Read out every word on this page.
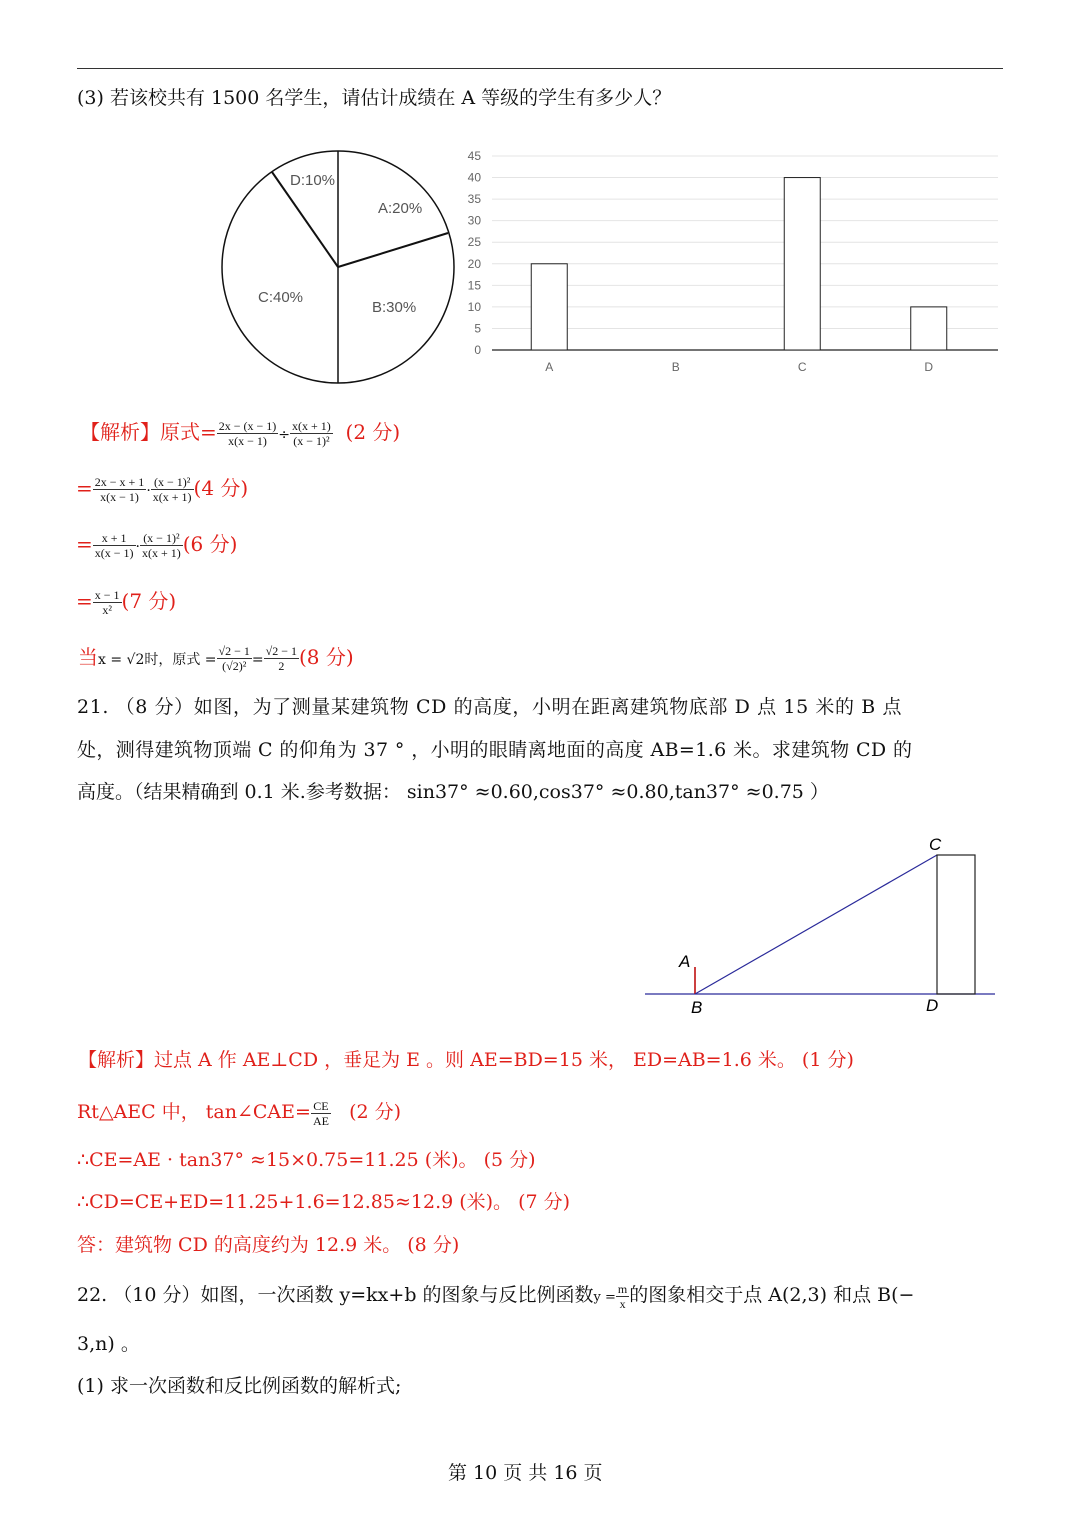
(3) 若该校共有 1500 名学生，请估计成绩在 A 等级的学生有多少人？
D:10%
A:20%
C:40%
B:30%
0
5
10
15
20
25
30
35
40
45
A	B	C	D
【解析】原式= $\frac{2x - (x - 1)}{x(x - 1)} \div \frac{x(x + 1)}{\text{(x − 1)²}} (2$ 分)
= $\frac{2x - x + 1}{x(x - 1)} \cdot \frac{\text{(x − 1)²}}{x(x + 1)} (4$ 分)
= $\frac{x + 1}{x(x - 1)} \cdot \frac{\text{(x − 1)²}}{x(x + 1)} (6$ 分)
= $\frac{x - 1}{\text{x²}} (7$ 分)
当x = √2时，原式 = $\frac{√2 - 1}{\text{(√2)²}} = \frac{√2 - 1}{2} (8$ 分)
21. （8 分）如图，为了测量某建筑物 CD 的高度，小明在距离建筑物底部 D 点 15 米的 B 点
处，测得建筑物顶端 C 的仰角为 37 ° ，小明的眼睛离地面的高度 AB=1.6 米。求建筑物 CD 的
高度。（结果精确到 0.1 米.参考数据： sin37° ≈0.60,cos37° ≈0.80,tan37° ≈0.75 ）
C
A
B	D
【解析】过点 A 作 AE⊥CD ，垂足为 E 。则 AE=BD=15 米， ED=AB=1.6 米。 (1 分)
Rt△AEC 中， tan∠CAE= $\frac{CE}{AE} (2$ 分)
∴CE=AE · tan37° ≈15×0.75=11.25 (米)。 (5 分)
∴CD=CE+ED=11.25+1.6=12.85≈12.9 (米)。 (7 分)
答：建筑物 CD 的高度约为 12.9 米。 (8 分)
22. （10 分）如图，一次函数 y=kx+b 的图象与反比例函数$y = \frac{m}{x}$ 的图象相交于点 A(2,3) 和点 B(−
3,n) 。
(1) 求一次函数和反比例函数的解析式;
第 10 页 共 16 页
